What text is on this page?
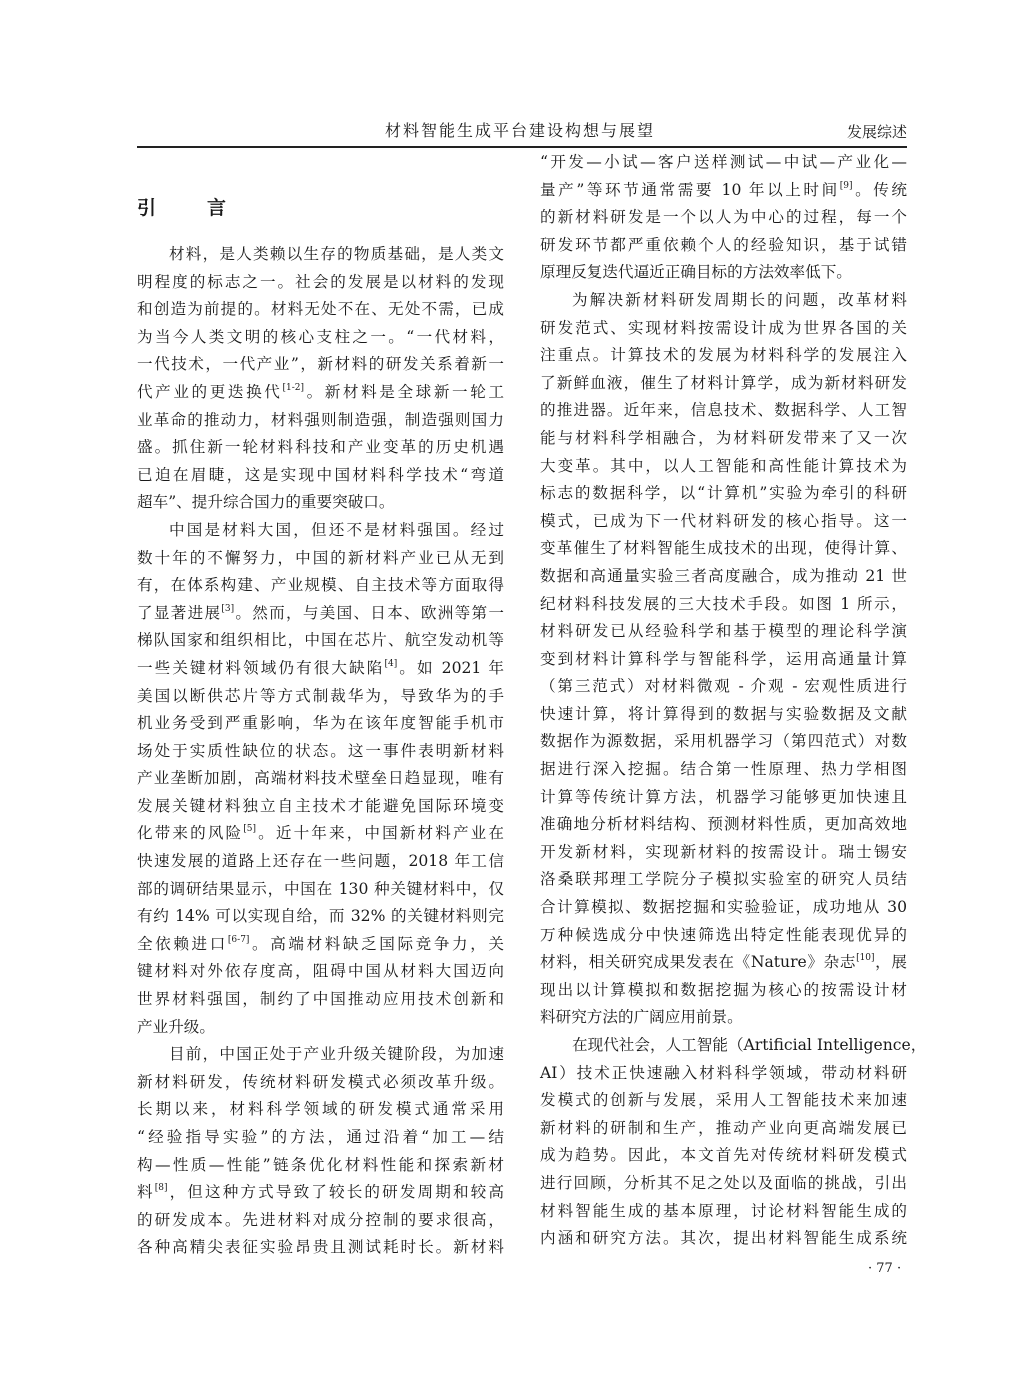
材料智能生成平台建设构想与展望	发展综述
引　言
材料，是人类赖以生存的物质基础，是人类文
明程度的标志之一。社会的发展是以材料的发现
和创造为前提的。材料无处不在、无处不需，已成
为当今人类文明的核心支柱之一。“一代材料，
一代技术，一代产业”，新材料的研发关系着新一
代产业的更迭换代[1-2]。新材料是全球新一轮工
业革命的推动力，材料强则制造强，制造强则国力
盛。抓住新一轮材料科技和产业变革的历史机遇
已迫在眉睫，这是实现中国材料科学技术“弯道
超车”、提升综合国力的重要突破口。
中国是材料大国，但还不是材料强国。经过
数十年的不懈努力，中国的新材料产业已从无到
有，在体系构建、产业规模、自主技术等方面取得
了显著进展[3]。然而，与美国、日本、欧洲等第一
梯队国家和组织相比，中国在芯片、航空发动机等
一些关键材料领域仍有很大缺陷[4]。如 2021 年
美国以断供芯片等方式制裁华为，导致华为的手
机业务受到严重影响，华为在该年度智能手机市
场处于实质性缺位的状态。这一事件表明新材料
产业垄断加剧，高端材料技术壁垒日趋显现，唯有
发展关键材料独立自主技术才能避免国际环境变
化带来的风险[5]。近十年来，中国新材料产业在
快速发展的道路上还存在一些问题，2018 年工信
部的调研结果显示，中国在 130 种关键材料中，仅
有约 14% 可以实现自给，而 32% 的关键材料则完
全依赖进口[6-7]。高端材料缺乏国际竞争力，关
键材料对外依存度高，阻碍中国从材料大国迈向
世界材料强国，制约了中国推动应用技术创新和
产业升级。
目前，中国正处于产业升级关键阶段，为加速
新材料研发，传统材料研发模式必须改革升级。
长期以来，材料科学领域的研发模式通常采用
“经验指导实验”的方法，通过沿着“加工—结
构—性质—性能”链条优化材料性能和探索新材
料[8]，但这种方式导致了较长的研发周期和较高
的研发成本。先进材料对成分控制的要求很高，
各种高精尖表征实验昂贵且测试耗时长。新材料
“开发—小试—客户送样测试—中试—产业化—
量产”等环节通常需要 10 年以上时间[9]。传统
的新材料研发是一个以人为中心的过程，每一个
研发环节都严重依赖个人的经验知识，基于试错
原理反复迭代逼近正确目标的方法效率低下。
为解决新材料研发周期长的问题，改革材料
研发范式、实现材料按需设计成为世界各国的关
注重点。计算技术的发展为材料科学的发展注入
了新鲜血液，催生了材料计算学，成为新材料研发
的推进器。近年来，信息技术、数据科学、人工智
能与材料科学相融合，为材料研发带来了又一次
大变革。其中，以人工智能和高性能计算技术为
标志的数据科学，以“计算机”实验为牵引的科研
模式，已成为下一代材料研发的核心指导。这一
变革催生了材料智能生成技术的出现，使得计算、
数据和高通量实验三者高度融合，成为推动 21 世
纪材料科技发展的三大技术手段。如图 1 所示，
材料研发已从经验科学和基于模型的理论科学演
变到材料计算科学与智能科学，运用高通量计算
（第三范式）对材料微观 - 介观 - 宏观性质进行
快速计算，将计算得到的数据与实验数据及文献
数据作为源数据，采用机器学习（第四范式）对数
据进行深入挖掘。结合第一性原理、热力学相图
计算等传统计算方法，机器学习能够更加快速且
准确地分析材料结构、预测材料性质，更加高效地
开发新材料，实现新材料的按需设计。瑞士锡安
洛桑联邦理工学院分子模拟实验室的研究人员结
合计算模拟、数据挖掘和实验验证，成功地从 30
万种候选成分中快速筛选出特定性能表现优异的
材料，相关研究成果发表在《Nature》杂志[10]，展
现出以计算模拟和数据挖掘为核心的按需设计材
料研究方法的广阔应用前景。
在现代社会，人工智能（Artificial Intelligence，
AI）技术正快速融入材料科学领域，带动材料研
发模式的创新与发展，采用人工智能技术来加速
新材料的研制和生产，推动产业向更高端发展已
成为趋势。因此，本文首先对传统材料研发模式
进行回顾，分析其不足之处以及面临的挑战，引出
材料智能生成的基本原理，讨论材料智能生成的
内涵和研究方法。其次，提出材料智能生成系统
· 77 ·
